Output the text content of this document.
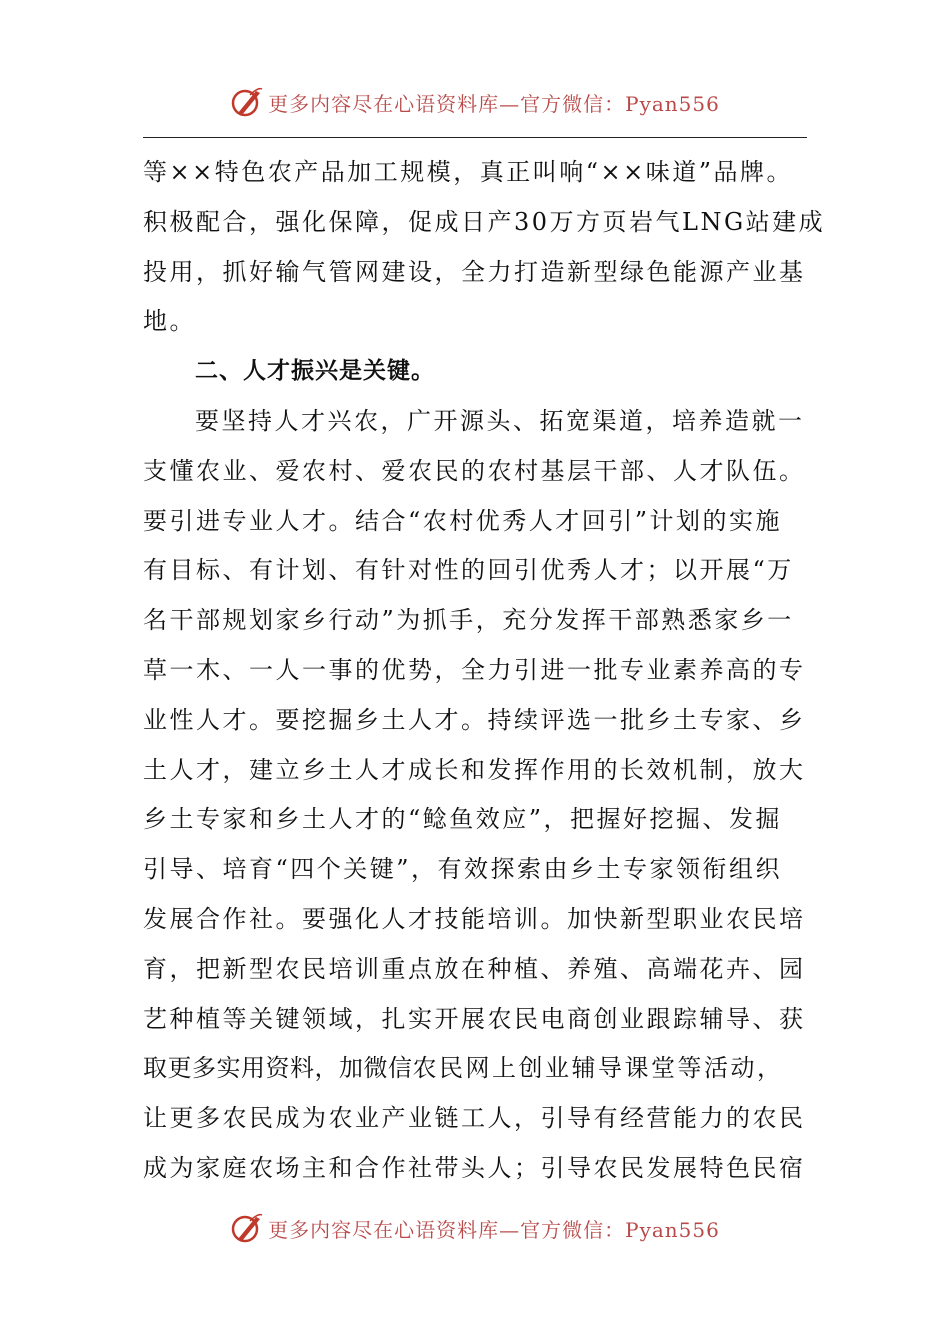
更多内容尽在心语资料库—官方微信：Pyan556
等××特色农产品加工规模，真正叫响“××味道”品牌。
积极配合，强化保障，促成日产30万方页岩气LNG站建成
投用，抓好输气管网建设，全力打造新型绿色能源产业基
地。
二、人才振兴是关键。
要坚持人才兴农，广开源头、拓宽渠道，培养造就一
支懂农业、爱农村、爱农民的农村基层干部、人才队伍。
要引进专业人才。结合“农村优秀人才回引”计划的实施
有目标、有计划、有针对性的回引优秀人才；以开展“万
名干部规划家乡行动”为抓手，充分发挥干部熟悉家乡一
草一木、一人一事的优势，全力引进一批专业素养高的专
业性人才。要挖掘乡土人才。持续评选一批乡土专家、乡
土人才，建立乡土人才成长和发挥作用的长效机制，放大
乡土专家和乡土人才的“鲶鱼效应”，把握好挖掘、发掘
引导、培育“四个关键”，有效探索由乡土专家领衔组织
发展合作社。要强化人才技能培训。加快新型职业农民培
育，把新型农民培训重点放在种植、养殖、高端花卉、园
艺种植等关键领域，扎实开展农民电商创业跟踪辅导、获
取更多实用资料，加微信农民网上创业辅导课堂等活动，
让更多农民成为农业产业链工人，引导有经营能力的农民
成为家庭农场主和合作社带头人；引导农民发展特色民宿
更多内容尽在心语资料库—官方微信：Pyan556
